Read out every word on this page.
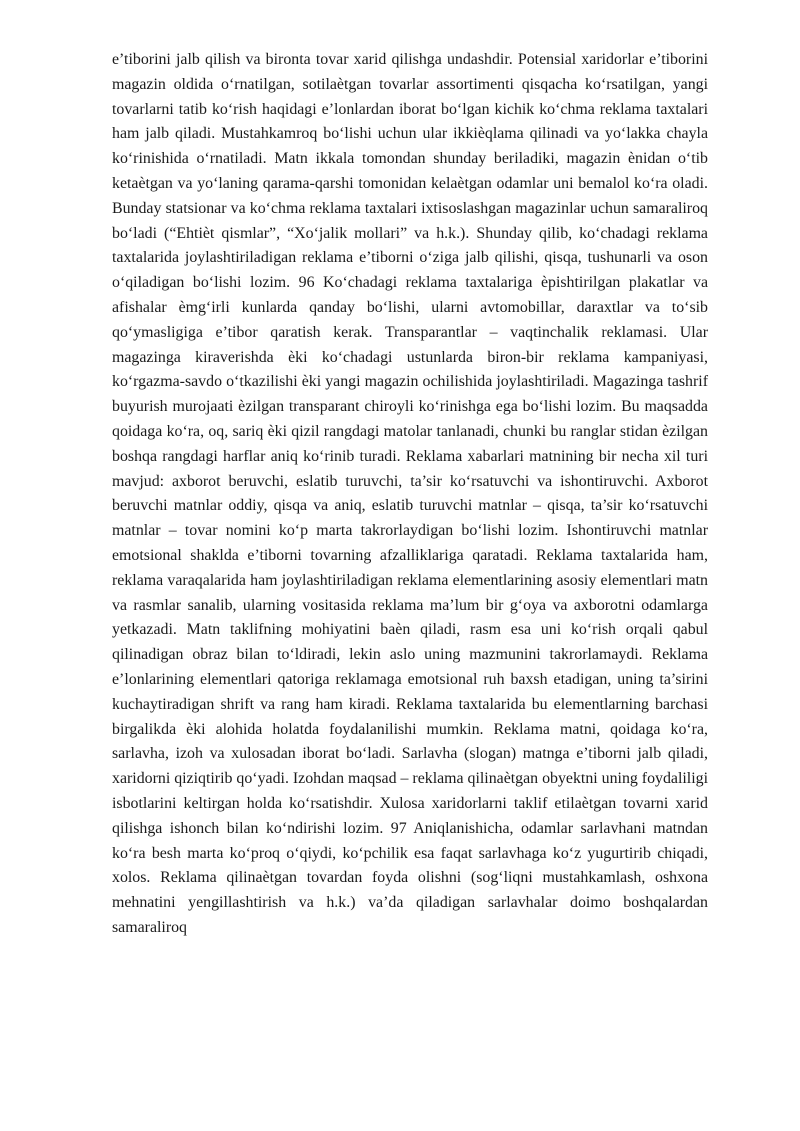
e’tiborini jalb qilish va bironta tovar xarid qilishga undashdir. Potensial xaridorlar e’tiborini magazin oldida o‘rnatilgan, sotilaètgan tovarlar assortimenti qisqacha ko‘rsatilgan, yangi tovarlarni tatib ko‘rish haqidagi e’lonlardan iborat bo‘lgan kichik ko‘chma reklama taxtalari ham jalb qiladi. Mustahkamroq bo‘lishi uchun ular ikkièqlama qilinadi va yo‘lakka chayla ko‘rinishida o‘rnatiladi. Matn ikkala tomondan shunday beriladiki, magazin ènidan o‘tib ketaètgan va yo‘laning qarama-qarshi tomonidan kelaètgan odamlar uni bemalol ko‘ra oladi. Bunday statsionar va ko‘chma reklama taxtalari ixtisoslashgan magazinlar uchun samaraliroq bo‘ladi (“Ehtièt qismlar”, “Xo‘jalik mollari” va h.k.). Shunday qilib, ko‘chadagi reklama taxtalarida joylashtiriladigan reklama e’tiborni o‘ziga jalb qilishi, qisqa, tushunarli va oson o‘qiladigan bo‘lishi lozim. 96 Ko‘chadagi reklama taxtalariga èpishtirilgan plakatlar va afishalar èmg‘irli kunlarda qanday bo‘lishi, ularni avtomobillar, daraxtlar va to‘sib qo‘ymasligiga e’tibor qaratish kerak. Transparantlar – vaqtinchalik reklamasi. Ular magazinga kiraverishda èki ko‘chadagi ustunlarda biron-bir reklama kampaniyasi, ko‘rgazma-savdo o‘tkazilishi èki yangi magazin ochilishida joylashtiriladi. Magazinga tashrif buyurish murojaati èzilgan transparant chiroyli ko‘rinishga ega bo‘lishi lozim. Bu maqsadda qoidaga ko‘ra, oq, sariq èki qizil rangdagi matolar tanlanadi, chunki bu ranglar stidan èzilgan boshqa rangdagi harflar aniq ko‘rinib turadi. Reklama xabarlari matnining bir necha xil turi mavjud: axborot beruvchi, eslatib turuvchi, ta’sir ko‘rsatuvchi va ishontiruvchi. Axborot beruvchi matnlar oddiy, qisqa va aniq, eslatib turuvchi matnlar – qisqa, ta’sir ko‘rsatuvchi matnlar – tovar nomini ko‘p marta takrorlaydigan bo‘lishi lozim. Ishontiruvchi matnlar emotsional shaklda e’tiborni tovarning afzalliklariga qaratadi. Reklama taxtalarida ham, reklama varaqalarida ham joylashtiriladigan reklama elementlarining asosiy elementlari matn va rasmlar sanalib, ularning vositasida reklama ma’lum bir g‘oya va axborotni odamlarga yetkazadi. Matn taklifning mohiyatini baèn qiladi, rasm esa uni ko‘rish orqali qabul qilinadigan obraz bilan to‘ldiradi, lekin aslo uning mazmunini takrorlamaydi. Reklama e’lonlarining elementlari qatoriga reklamaga emotsional ruh baxsh etadigan, uning ta’sirini kuchaytiradigan shrift va rang ham kiradi. Reklama taxtalarida bu elementlarning barchasi birgalikda èki alohida holatda foydalanilishi mumkin. Reklama matni, qoidaga ko‘ra, sarlavha, izoh va xulosadan iborat bo‘ladi. Sarlavha (slogan) matnga e’tiborni jalb qiladi, xaridorni qiziqtirib qo‘yadi. Izohdan maqsad – reklama qilinaètgan obyektni uning foydaliligi isbotlarini keltirgan holda ko‘rsatishdir. Xulosa xaridorlarni taklif etilaètgan tovarni xarid qilishga ishonch bilan ko‘ndirishi lozim. 97 Aniqlanishicha, odamlar sarlavhani matndan ko‘ra besh marta ko‘proq o‘qiydi, ko‘pchilik esa faqat sarlavhaga ko‘z yugurtirib chiqadi, xolos. Reklama qilinaètgan tovardan foyda olishni (sog‘liqni mustahkamlash, oshxona mehnatini yengillashtirish va h.k.) va’da qiladigan sarlavhalar doimo boshqalardan samaraliroq
